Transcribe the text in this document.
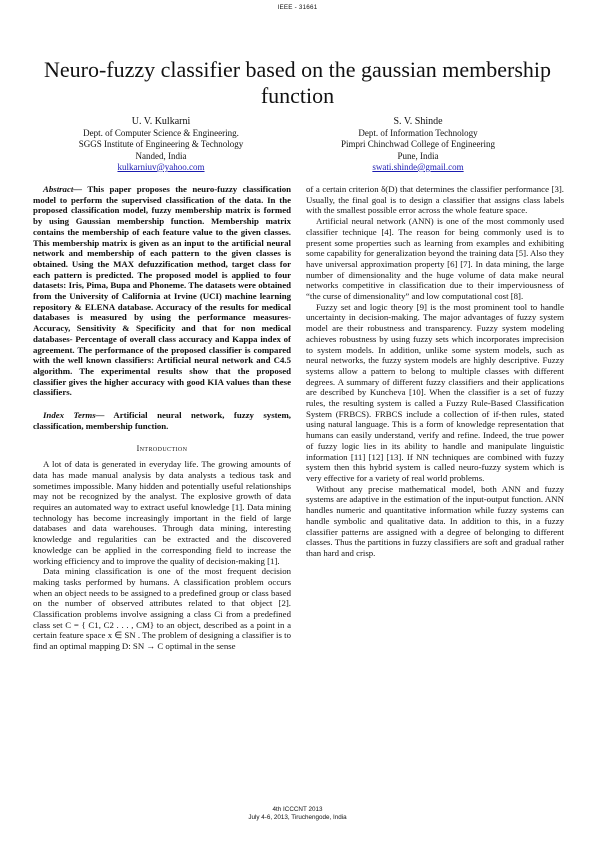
IEEE - 31661
Neuro-fuzzy classifier based on the gaussian membership function
U. V. Kulkarni
Dept. of Computer Science & Engineering.
SGGS Institute of Engineering & Technology
Nanded, India
kulkarniuv@yahoo.com
S. V. Shinde
Dept. of Information Technology
Pimpri Chinchwad College of Engineering
Pune, India
swati.shinde@gmail.com

Abstract— This paper proposes the neuro-fuzzy classification model to perform the supervised classification of the data. In the proposed classification model, fuzzy membership matrix is formed by using Gaussian membership function. Membership matrix contains the membership of each feature value to the given classes. This membership matrix is given as an input to the artificial neural network and membership of each pattern to the given classes is obtained. Using the MAX defuzzification method, target class for each pattern is predicted. The proposed model is applied to four datasets: Iris, Pima, Bupa and Phoneme. The datasets were obtained from the University of California at Irvine (UCI) machine learning repository & ELENA database. Accuracy of the results for medical databases is measured by using the performance measures- Accuracy, Sensitivity & Specificity and that for non medical databases- Percentage of overall class accuracy and Kappa index of agreement. The performance of the proposed classifier is compared with the well known classifiers: Artificial neural network and C4.5 algorithm. The experimental results show that the proposed classifier gives the higher accuracy with good KIA values than these classifiers.

Index Terms— Artificial neural network, fuzzy system, classification, membership function.

Introduction

A lot of data is generated in everyday life. The growing amounts of data has made manual analysis by data analysts a tedious task and sometimes impossible. Many hidden and potentially useful relationships may not be recognized by the analyst. The explosive growth of data requires an automated way to extract useful knowledge [1]. Data mining technology has become increasingly important in the field of large databases and data warehouses. Through data mining, interesting knowledge and regularities can be extracted and the discovered knowledge can be applied in the corresponding field to increase the working efficiency and to improve the quality of decision-making [1].

Data mining classification is one of the most frequent decision making tasks performed by humans. A classification problem occurs when an object needs to be assigned to a predefined group or class based on the number of observed attributes related to that object [2]. Classification problems involve assigning a class Ci from a predefined class set C = { C1, C2 . . . , CM} to an object, described as a point in a certain feature space x ∈ SN . The problem of designing a classifier is to find an optimal mapping D: SN → C optimal in the sense

of a certain criterion δ(D) that determines the classifier performance [3]. Usually, the final goal is to design a classifier that assigns class labels with the smallest possible error across the whole feature space.

Artificial neural network (ANN) is one of the most commonly used classifier technique [4]. The reason for being commonly used is to present some properties such as learning from examples and exhibiting some capability for generalization beyond the training data [5]. Also they have universal approximation property [6] [7]. In data mining, the large number of dimensionality and the huge volume of data make neural networks competitive in classification due to their imperviousness of “the curse of dimensionality” and low computational cost [8].

Fuzzy set and logic theory [9] is the most prominent tool to handle uncertainty in decision-making. The major advantages of fuzzy system model are their robustness and transparency. Fuzzy system modeling achieves robustness by using fuzzy sets which incorporates imprecision to system models. In addition, unlike some system models, such as neural networks, the fuzzy system models are highly descriptive. Fuzzy systems allow a pattern to belong to multiple classes with different degrees. A summary of different fuzzy classifiers and their applications are described by Kuncheva [10]. When the classifier is a set of fuzzy rules, the resulting system is called a Fuzzy Rule-Based Classification System (FRBCS). FRBCS include a collection of if-then rules, stated using natural language. This is a form of knowledge representation that humans can easily understand, verify and refine. Indeed, the true power of fuzzy logic lies in its ability to handle and manipulate linguistic information [11] [12] [13]. If NN techniques are combined with fuzzy system then this hybrid system is called neuro-fuzzy system which is very effective for a variety of real world problems.

Without any precise mathematical model, both ANN and fuzzy systems are adaptive in the estimation of the input-output function. ANN handles numeric and quantitative information while fuzzy systems can handle symbolic and qualitative data. In addition to this, in a fuzzy classifier patterns are assigned with a degree of belonging to different classes. Thus the partitions in fuzzy classifiers are soft and gradual rather than hard and crisp.

4th ICCCNT 2013
July 4-6, 2013, Tiruchengode, India
